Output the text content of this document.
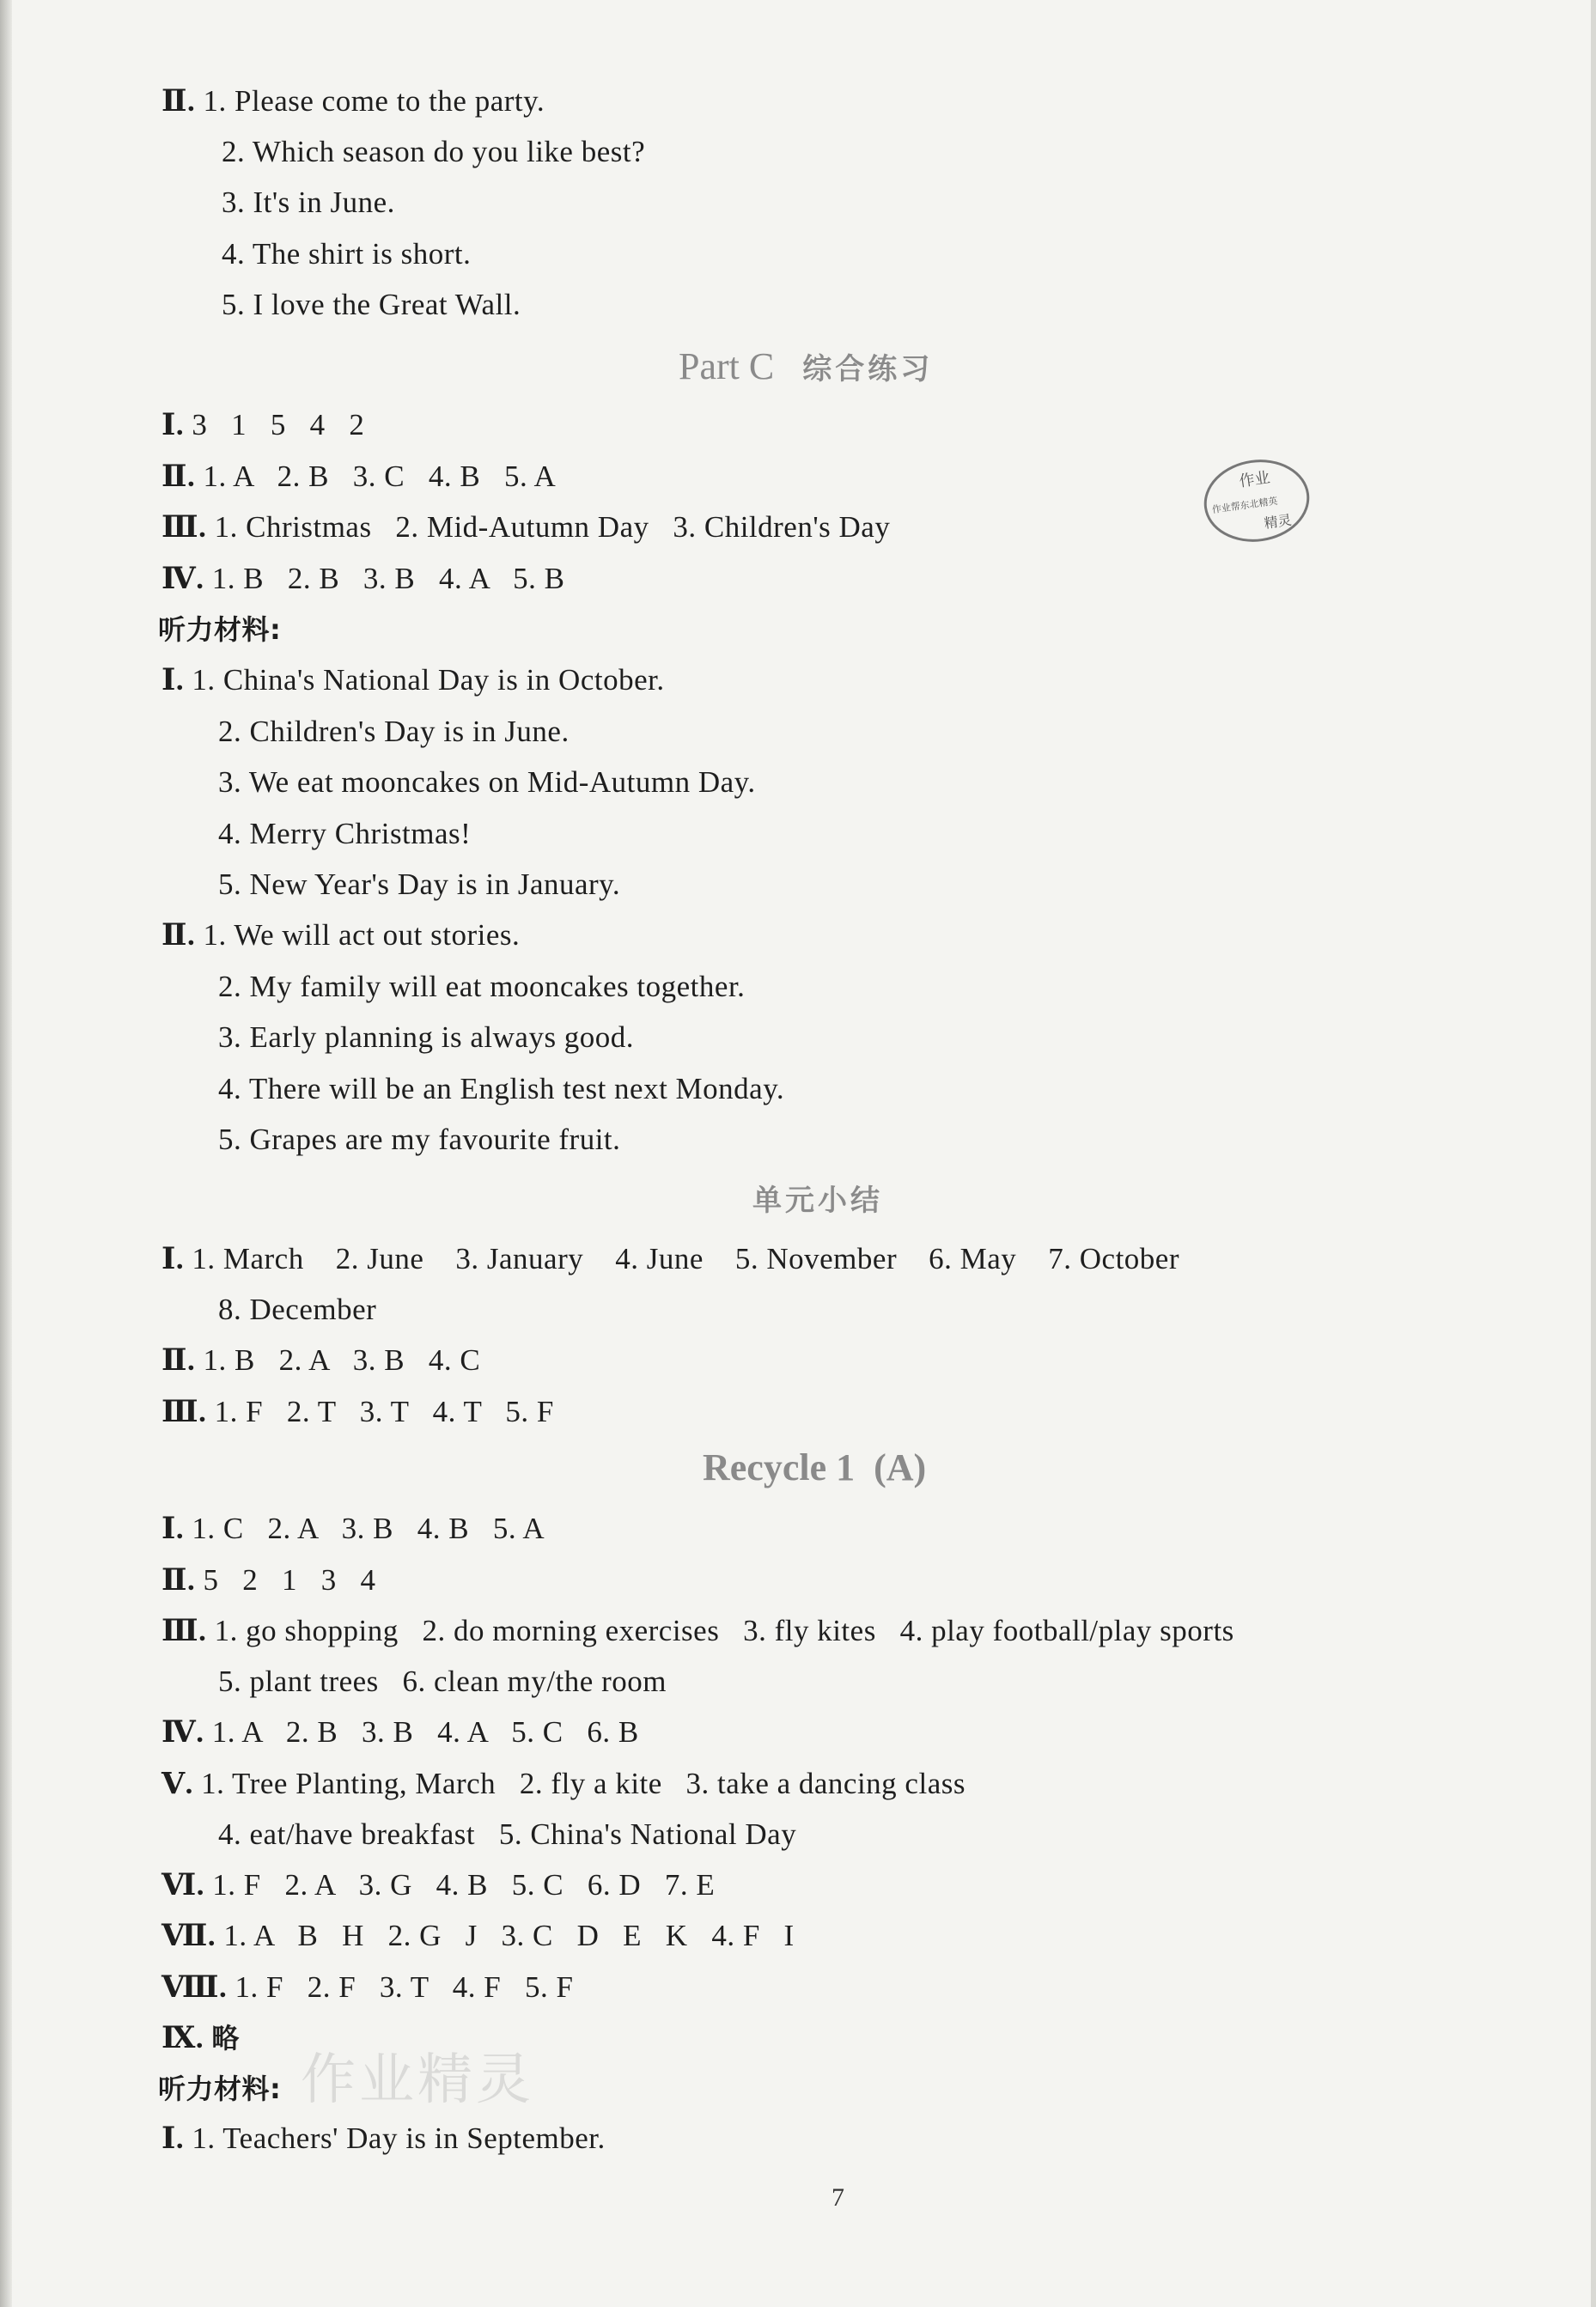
Ⅱ. 1. Please come to the party.

2. Which season do you like best?

3. It's in June.

4. The shirt is short.

5. I love the Great Wall.

Part C 综合练习

Ⅰ. 3   1   5   4   2

Ⅱ. 1. A   2. B   3. C   4. B   5. A

Ⅲ. 1. Christmas   2. Mid-Autumn Day   3. Children's Day

Ⅳ. 1. B   2. B   3. B   4. A   5. B

作业
作业帮东北精英
精灵

听力材料:

Ⅰ. 1. China's National Day is in October.

2. Children's Day is in June.

3. We eat mooncakes on Mid-Autumn Day.

4. Merry Christmas!

5. New Year's Day is in January.

Ⅱ. 1. We will act out stories.

2. My family will eat mooncakes together.

3. Early planning is always good.

4. There will be an English test next Monday.

5. Grapes are my favourite fruit.

单元小结

Ⅰ. 1. March    2. June    3. January    4. June    5. November    6. May    7. October

8. December

Ⅱ. 1. B   2. A   3. B   4. C

Ⅲ. 1. F   2. T   3. T   4. T   5. F

Recycle 1  (A)

Ⅰ. 1. C   2. A   3. B   4. B   5. A

Ⅱ. 5   2   1   3   4

Ⅲ. 1. go shopping   2. do morning exercises   3. fly kites   4. play football/play sports

5. plant trees   6. clean my/the room

Ⅳ. 1. A   2. B   3. B   4. A   5. C   6. B

Ⅴ. 1. Tree Planting, March   2. fly a kite   3. take a dancing class

4. eat/have breakfast   5. China's National Day

Ⅵ. 1. F   2. A   3. G   4. B   5. C   6. D   7. E

Ⅶ. 1. A   B   H   2. G   J   3. C   D   E   K   4. F   I

Ⅷ. 1. F   2. F   3. T   4. F   5. F

Ⅸ. 略

听力材料: 作业精灵

Ⅰ. 1. Teachers' Day is in September.

7
